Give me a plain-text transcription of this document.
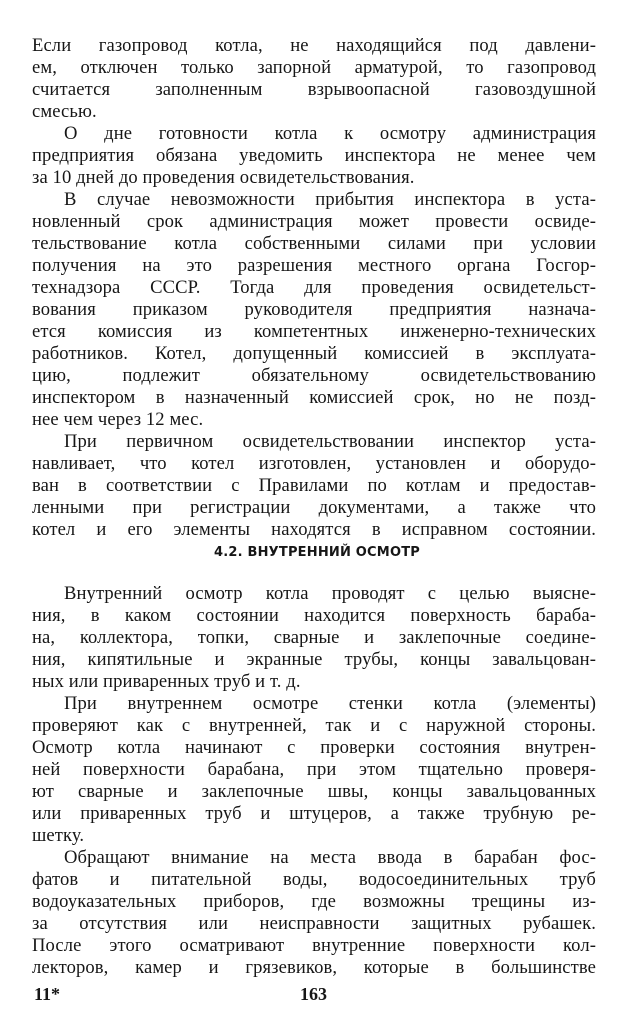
Если газопровод котла, не находящийся под давлени-
ем, отключен только запорной арматурой, то газопровод
считается заполненным взрывоопасной газовоздушной
смесью.
О дне готовности котла к осмотру администрация
предприятия обязана уведомить инспектора не менее чем
за 10 дней до проведения освидетельствования.
В случае невозможности прибытия инспектора в уста-
новленный срок администрация может провести освиде-
тельствование котла собственными силами при условии
получения на это разрешения местного органа Госгор-
технадзора СССР. Тогда для проведения освидетельст-
вования приказом руководителя предприятия назнача-
ется комиссия из компетентных инженерно-технических
работников. Котел, допущенный комиссией в эксплуата-
цию, подлежит обязательному освидетельствованию
инспектором в назначенный комиссией срок, но не позд-
нее чем через 12 мес.
При первичном освидетельствовании инспектор уста-
навливает, что котел изготовлен, установлен и оборудо-
ван в соответствии с Правилами по котлам и предостав-
ленными при регистрации документами, а также что
котел и его элементы находятся в исправном состоянии.
4.2. ВНУТРЕННИЙ ОСМОТР
Внутренний осмотр котла проводят с целью выясне-
ния, в каком состоянии находится поверхность бараба-
на, коллектора, топки, сварные и заклепочные соедине-
ния, кипятильные и экранные трубы, концы завальцован-
ных или приваренных труб и т. д.
При внутреннем осмотре стенки котла (элементы)
проверяют как с внутренней, так и с наружной стороны.
Осмотр котла начинают с проверки состояния внутрен-
ней поверхности барабана, при этом тщательно проверя-
ют сварные и заклепочные швы, концы завальцованных
или приваренных труб и штуцеров, а также трубную ре-
шетку.
Обращают внимание на места ввода в барабан фос-
фатов и питательной воды, водосоединительных труб
водоуказательных приборов, где возможны трещины из-
за отсутствия или неисправности защитных рубашек.
После этого осматривают внутренние поверхности кол-
лекторов, камер и грязевиков, которые в большинстве
11*	163
